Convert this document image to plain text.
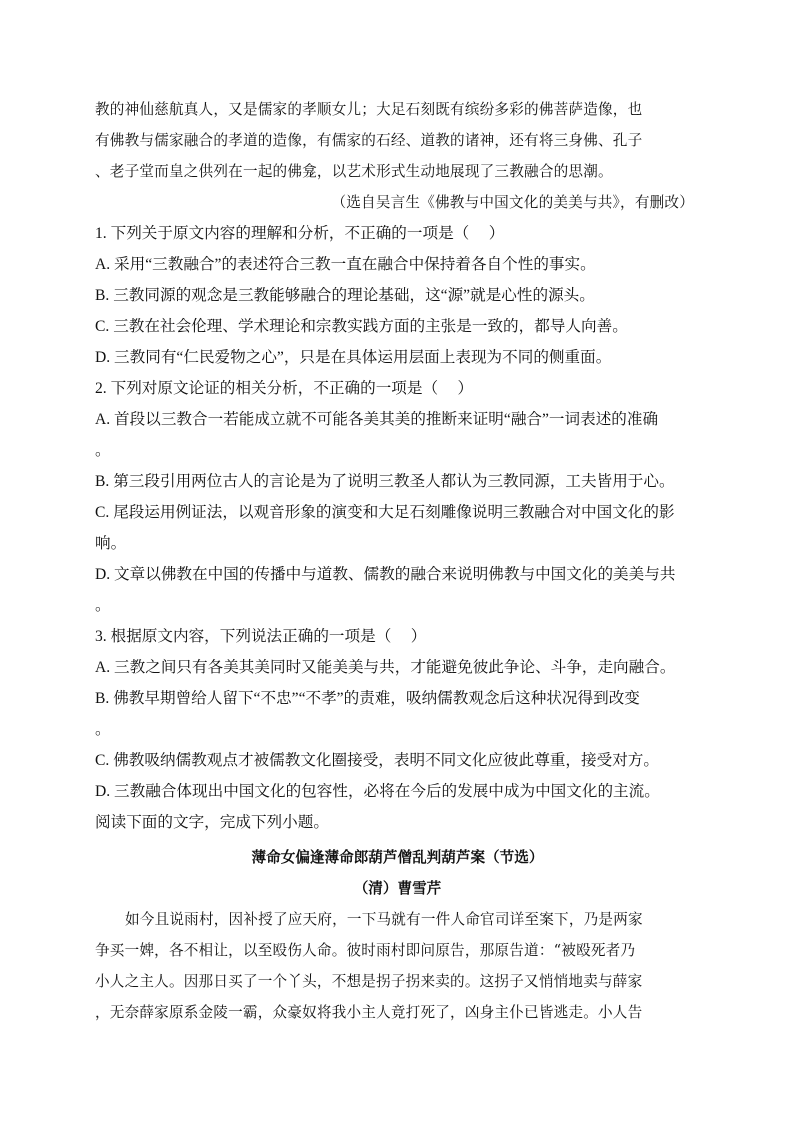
教的神仙慈航真人，又是儒家的孝顺女儿；大足石刻既有缤纷多彩的佛菩萨造像，也
有佛教与儒家融合的孝道的造像，有儒家的石经、道教的诸神，还有将三身佛、孔子
、老子堂而皇之供列在一起的佛龛，以艺术形式生动地展现了三教融合的思潮。
（选自吴言生《佛教与中国文化的美美与共》，有删改）
1. 下列关于原文内容的理解和分析，不正确的一项是（　 ）
A. 采用“三教融合”的表述符合三教一直在融合中保持着各自个性的事实。
B. 三教同源的观念是三教能够融合的理论基础，这“源”就是心性的源头。
C. 三教在社会伦理、学术理论和宗教实践方面的主张是一致的，都导人向善。
D. 三教同有“仁民爱物之心”，只是在具体运用层面上表现为不同的侧重面。
2. 下列对原文论证的相关分析，不正确的一项是（　 ）
A. 首段以三教合一若能成立就不可能各美其美的推断来证明“融合”一词表述的准确
。
B. 第三段引用两位古人的言论是为了说明三教圣人都认为三教同源，工夫皆用于心。
C. 尾段运用例证法，以观音形象的演变和大足石刻雕像说明三教融合对中国文化的影
响。
D. 文章以佛教在中国的传播中与道教、儒教的融合来说明佛教与中国文化的美美与共
。
3. 根据原文内容，下列说法正确的一项是（　 ）
A. 三教之间只有各美其美同时又能美美与共，才能避免彼此争论、斗争，走向融合。
B. 佛教早期曾给人留下“不忠”“不孝”的责难，吸纳儒教观念后这种状况得到改变
。
C. 佛教吸纳儒教观点才被儒教文化圈接受，表明不同文化应彼此尊重，接受对方。
D. 三教融合体现出中国文化的包容性，必将在今后的发展中成为中国文化的主流。
阅读下面的文字，完成下列小题。
薄命女偏逢薄命郎葫芦僧乱判葫芦案（节选）
（清）曹雪芹
如今且说雨村，因补授了应天府，一下马就有一件人命官司详至案下，乃是两家
争买一婢，各不相让，以至殴伤人命。彼时雨村即问原告，那原告道：“被殴死者乃
小人之主人。因那日买了一个丫头，不想是拐子拐来卖的。这拐子又悄悄地卖与薛家
，无奈薛家原系金陵一霸，众豪奴将我小主人竟打死了，凶身主仆已皆逃走。小人告
